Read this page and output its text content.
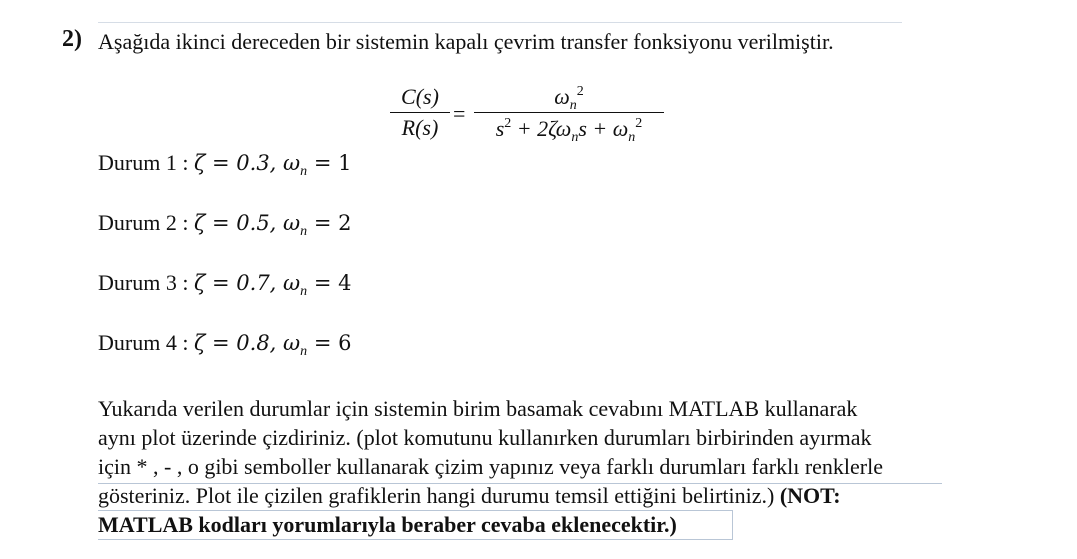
2) Aşağıda ikinci dereceden bir sistemin kapalı çevrim transfer fonksiyonu verilmiştir.
C(s)
R(s)
=
$\omega_n^2$
$s^2 + 2\zeta\omega_ns + \omega_n^2$
Durum 1 : ζ = 0.3, $\omega_n = 1$
Durum 2 : ζ = 0.5, $\omega_n = 2$
Durum 3 : ζ = 0.7, $\omega_n = 4$
Durum 4 : ζ = 0.8, $\omega_n = 6$
Yukarıda verilen durumlar için sistemin birim basamak cevabını MATLAB kullanarak
aynı plot üzerinde çizdiriniz. (plot komutunu kullanırken durumları birbirinden ayırmak
için * , - , o gibi semboller kullanarak çizim yapınız veya farklı durumları farklı renklerle
gösteriniz. Plot ile çizilen grafiklerin hangi durumu temsil ettiğini belirtiniz.) (NOT:
MATLAB kodları yorumlarıyla beraber cevaba eklenecektir.)
